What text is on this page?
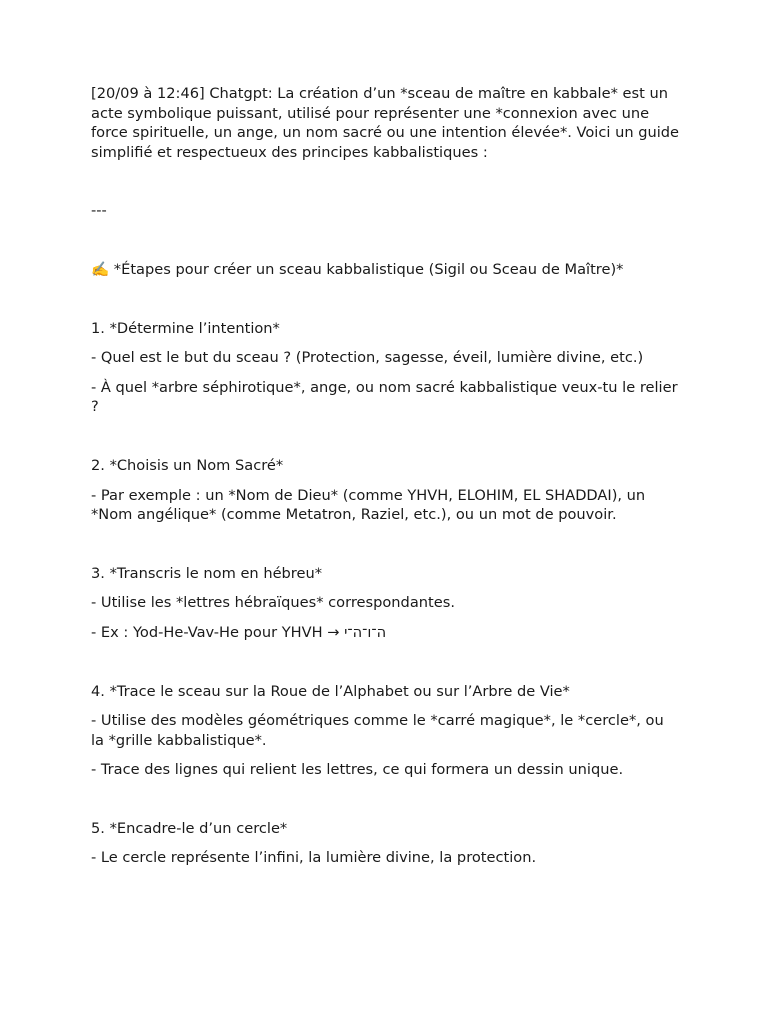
[20/09 à 12:46] Chatgpt: La création d’un *sceau de maître en kabbale* est un acte symbolique puissant, utilisé pour représenter une *connexion avec une force spirituelle, un ange, un nom sacré ou une intention élevée*. Voici un guide simplifié et respectueux des principes kabbalistiques :

---

✍️ *Étapes pour créer un sceau kabbalistique (Sigil ou Sceau de Maître)*

1. *Détermine l’intention*

- Quel est le but du sceau ? (Protection, sagesse, éveil, lumière divine, etc.)

- À quel *arbre séphirotique*, ange, ou nom sacré kabbalistique veux-tu le relier ?

2. *Choisis un Nom Sacré*

- Par exemple : un *Nom de Dieu* (comme YHVH, ELOHIM, EL SHADDAI), un *Nom angélique* (comme Metatron, Raziel, etc.), ou un mot de pouvoir.

3. *Transcris le nom en hébreu*

- Utilise les *lettres hébraïques* correspondantes.

- Ex : Yod-He-Vav-He pour YHVH → ה־ו־ה־י

4. *Trace le sceau sur la Roue de l’Alphabet ou sur l’Arbre de Vie*

- Utilise des modèles géométriques comme le *carré magique*, le *cercle*, ou la *grille kabbalistique*.

- Trace des lignes qui relient les lettres, ce qui formera un dessin unique.

5. *Encadre-le d’un cercle*

- Le cercle représente l’infini, la lumière divine, la protection.
